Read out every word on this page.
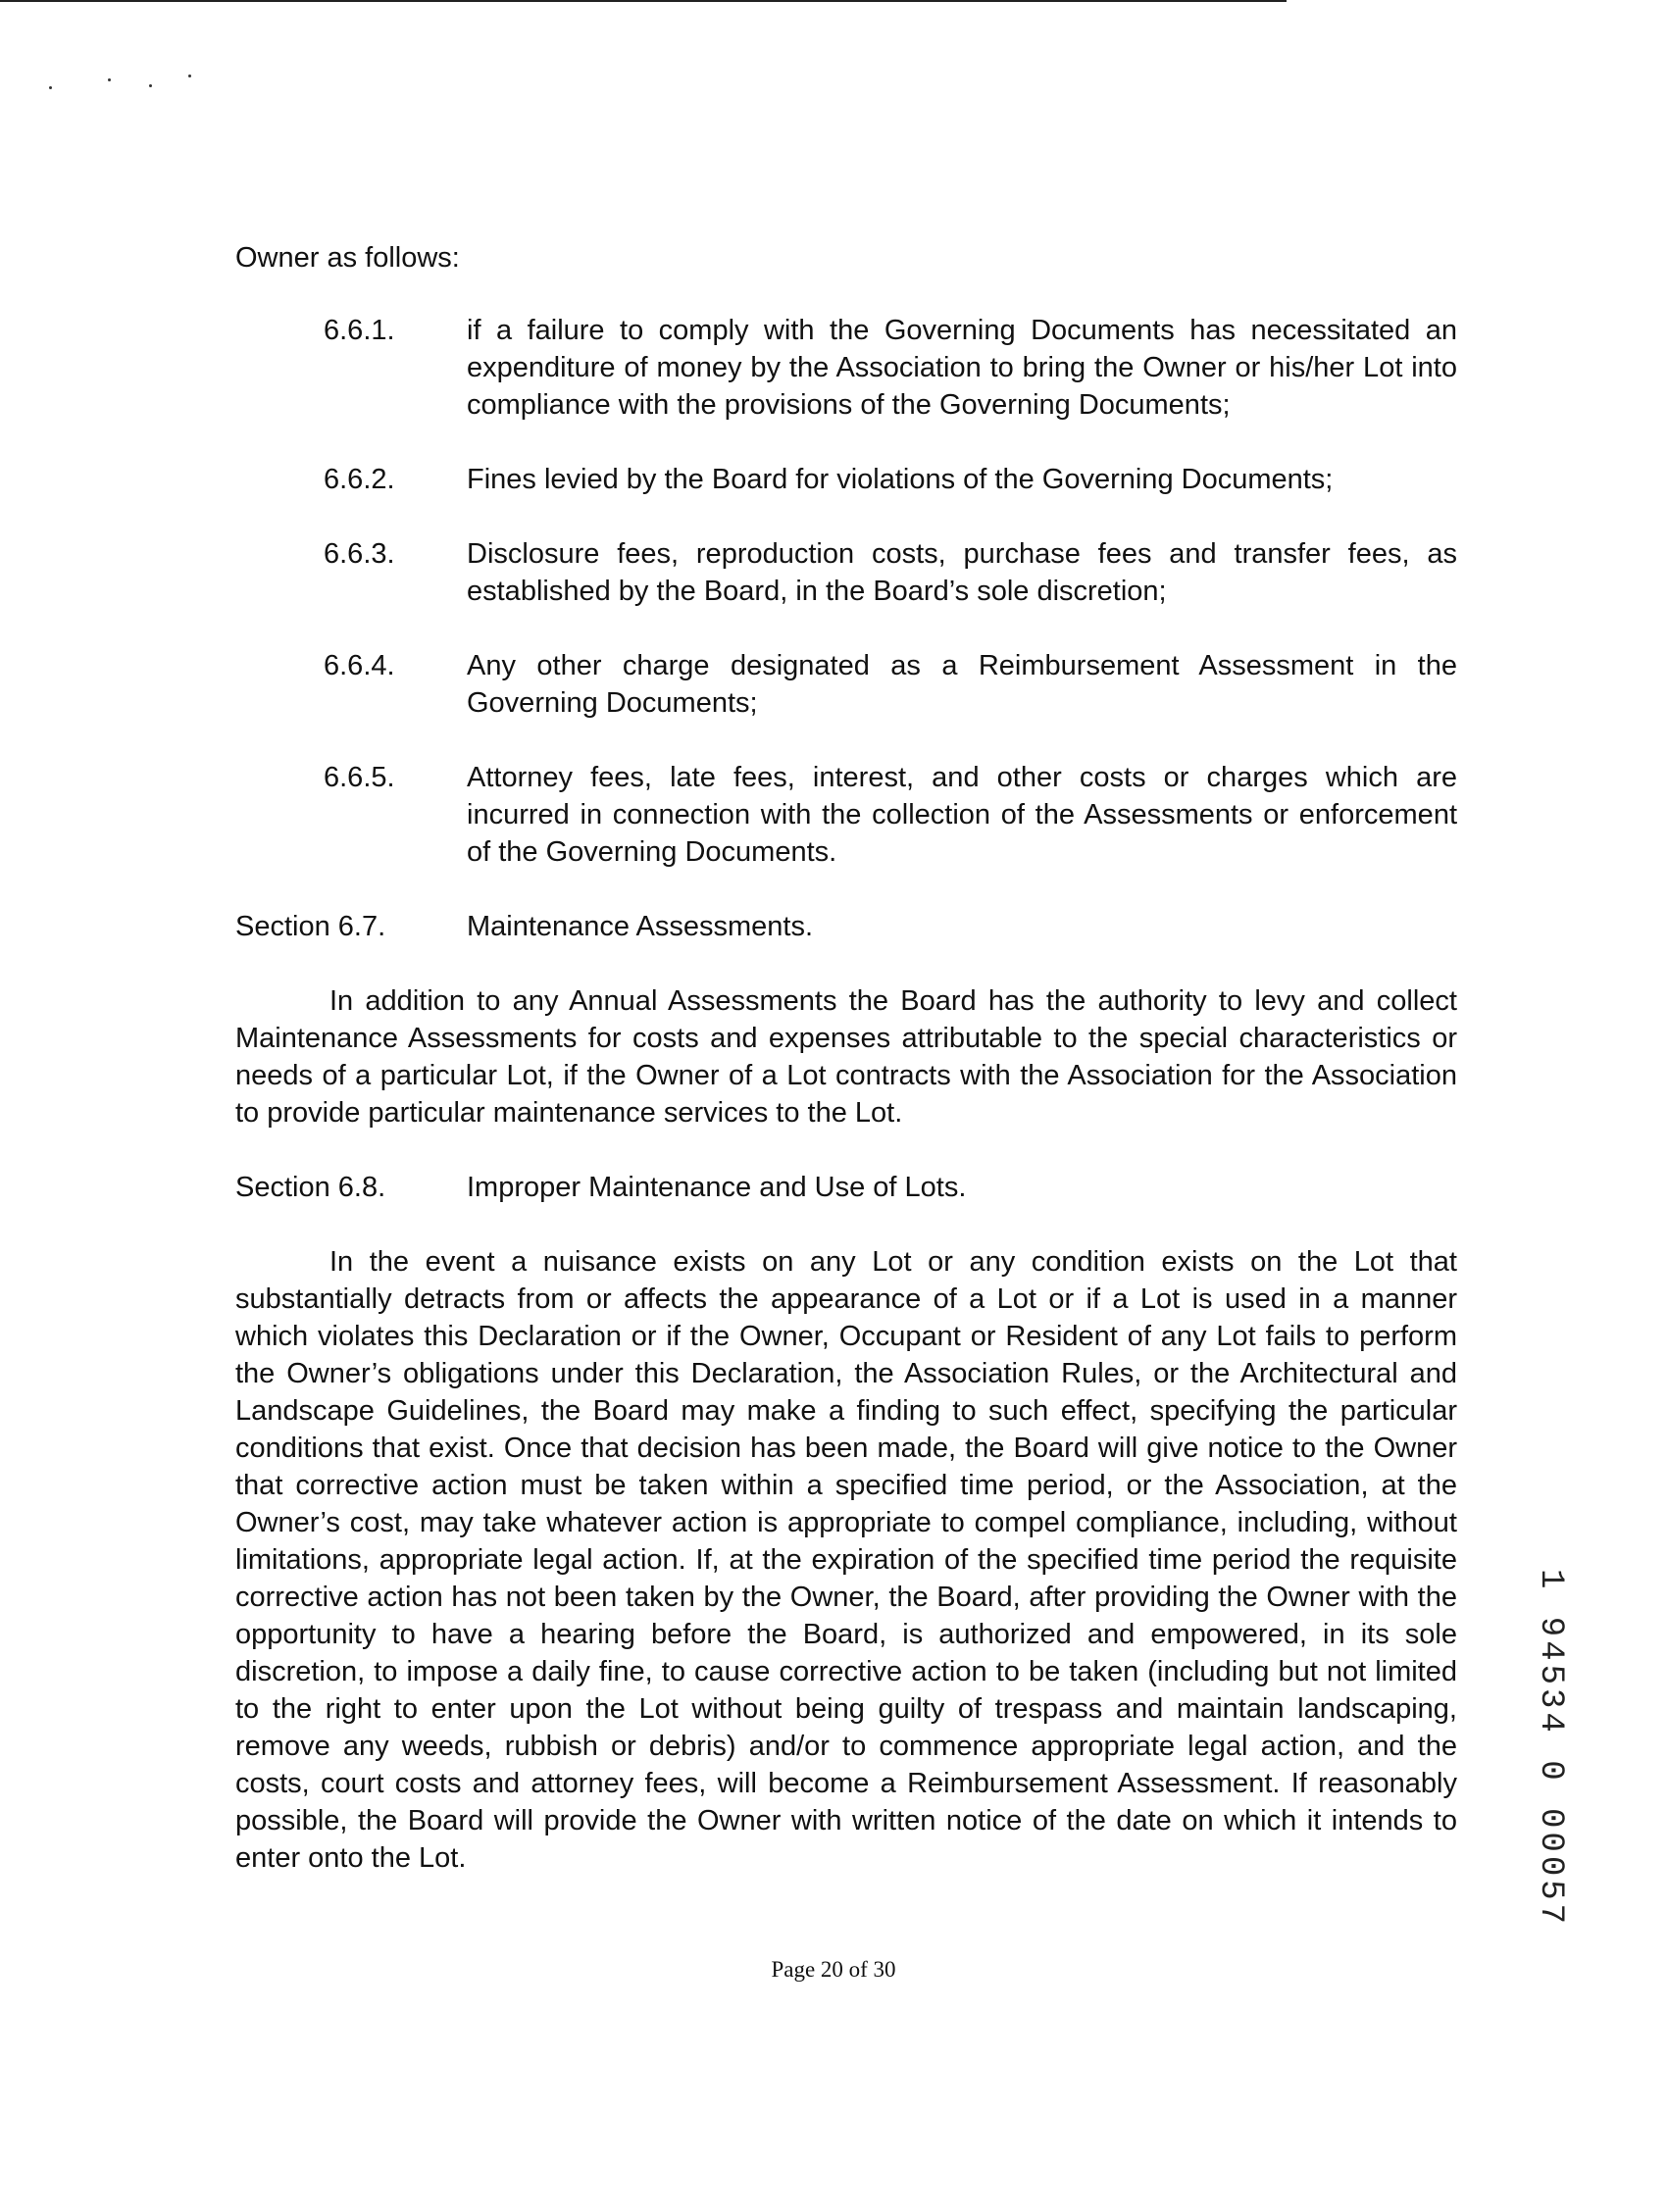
Owner as follows:

6.6.1.	if a failure to comply with the Governing Documents has necessitated an expenditure of money by the Association to bring the Owner or his/her Lot into compliance with the provisions of the Governing Documents;
6.6.2.	Fines levied by the Board for violations of the Governing Documents;
6.6.3.	Disclosure fees, reproduction costs, purchase fees and transfer fees, as established by the Board, in the Board’s sole discretion;
6.6.4.	Any other charge designated as a Reimbursement Assessment in the Governing Documents;
6.6.5.	Attorney fees, late fees, interest, and other costs or charges which are incurred in connection with the collection of the Assessments or enforcement of the Governing Documents.
Section 6.7.	Maintenance Assessments.

In addition to any Annual Assessments the Board has the authority to levy and collect Maintenance Assessments for costs and expenses attributable to the special characteristics or needs of a particular Lot, if the Owner of a Lot contracts with the Association for the Association to provide particular maintenance services to the Lot.

Section 6.8.	Improper Maintenance and Use of Lots.

In the event a nuisance exists on any Lot or any condition exists on the Lot that substantially detracts from or affects the appearance of a Lot or if a Lot is used in a manner which violates this Declaration or if the Owner, Occupant or Resident of any Lot fails to perform the Owner’s obligations under this Declaration, the Association Rules, or the Architectural and Landscape Guidelines, the Board may make a finding to such effect, specifying the particular conditions that exist. Once that decision has been made, the Board will give notice to the Owner that corrective action must be taken within a specified time period, or the Association, at the Owner’s cost, may take whatever action is appropriate to compel compliance, including, without limitations, appropriate legal action. If, at the expiration of the specified time period the requisite corrective action has not been taken by the Owner, the Board, after providing the Owner with the opportunity to have a hearing before the Board, is authorized and empowered, in its sole discretion, to impose a daily fine, to cause corrective action to be taken (including but not limited to the right to enter upon the Lot without being guilty of trespass and maintain landscaping, remove any weeds, rubbish or debris) and/or to commence appropriate legal action, and the costs, court costs and attorney fees, will become a Reimbursement Assessment. If reasonably possible, the Board will provide the Owner with written notice of the date on which it intends to enter onto the Lot.

Page 20 of 30
1 94534 0 00057
